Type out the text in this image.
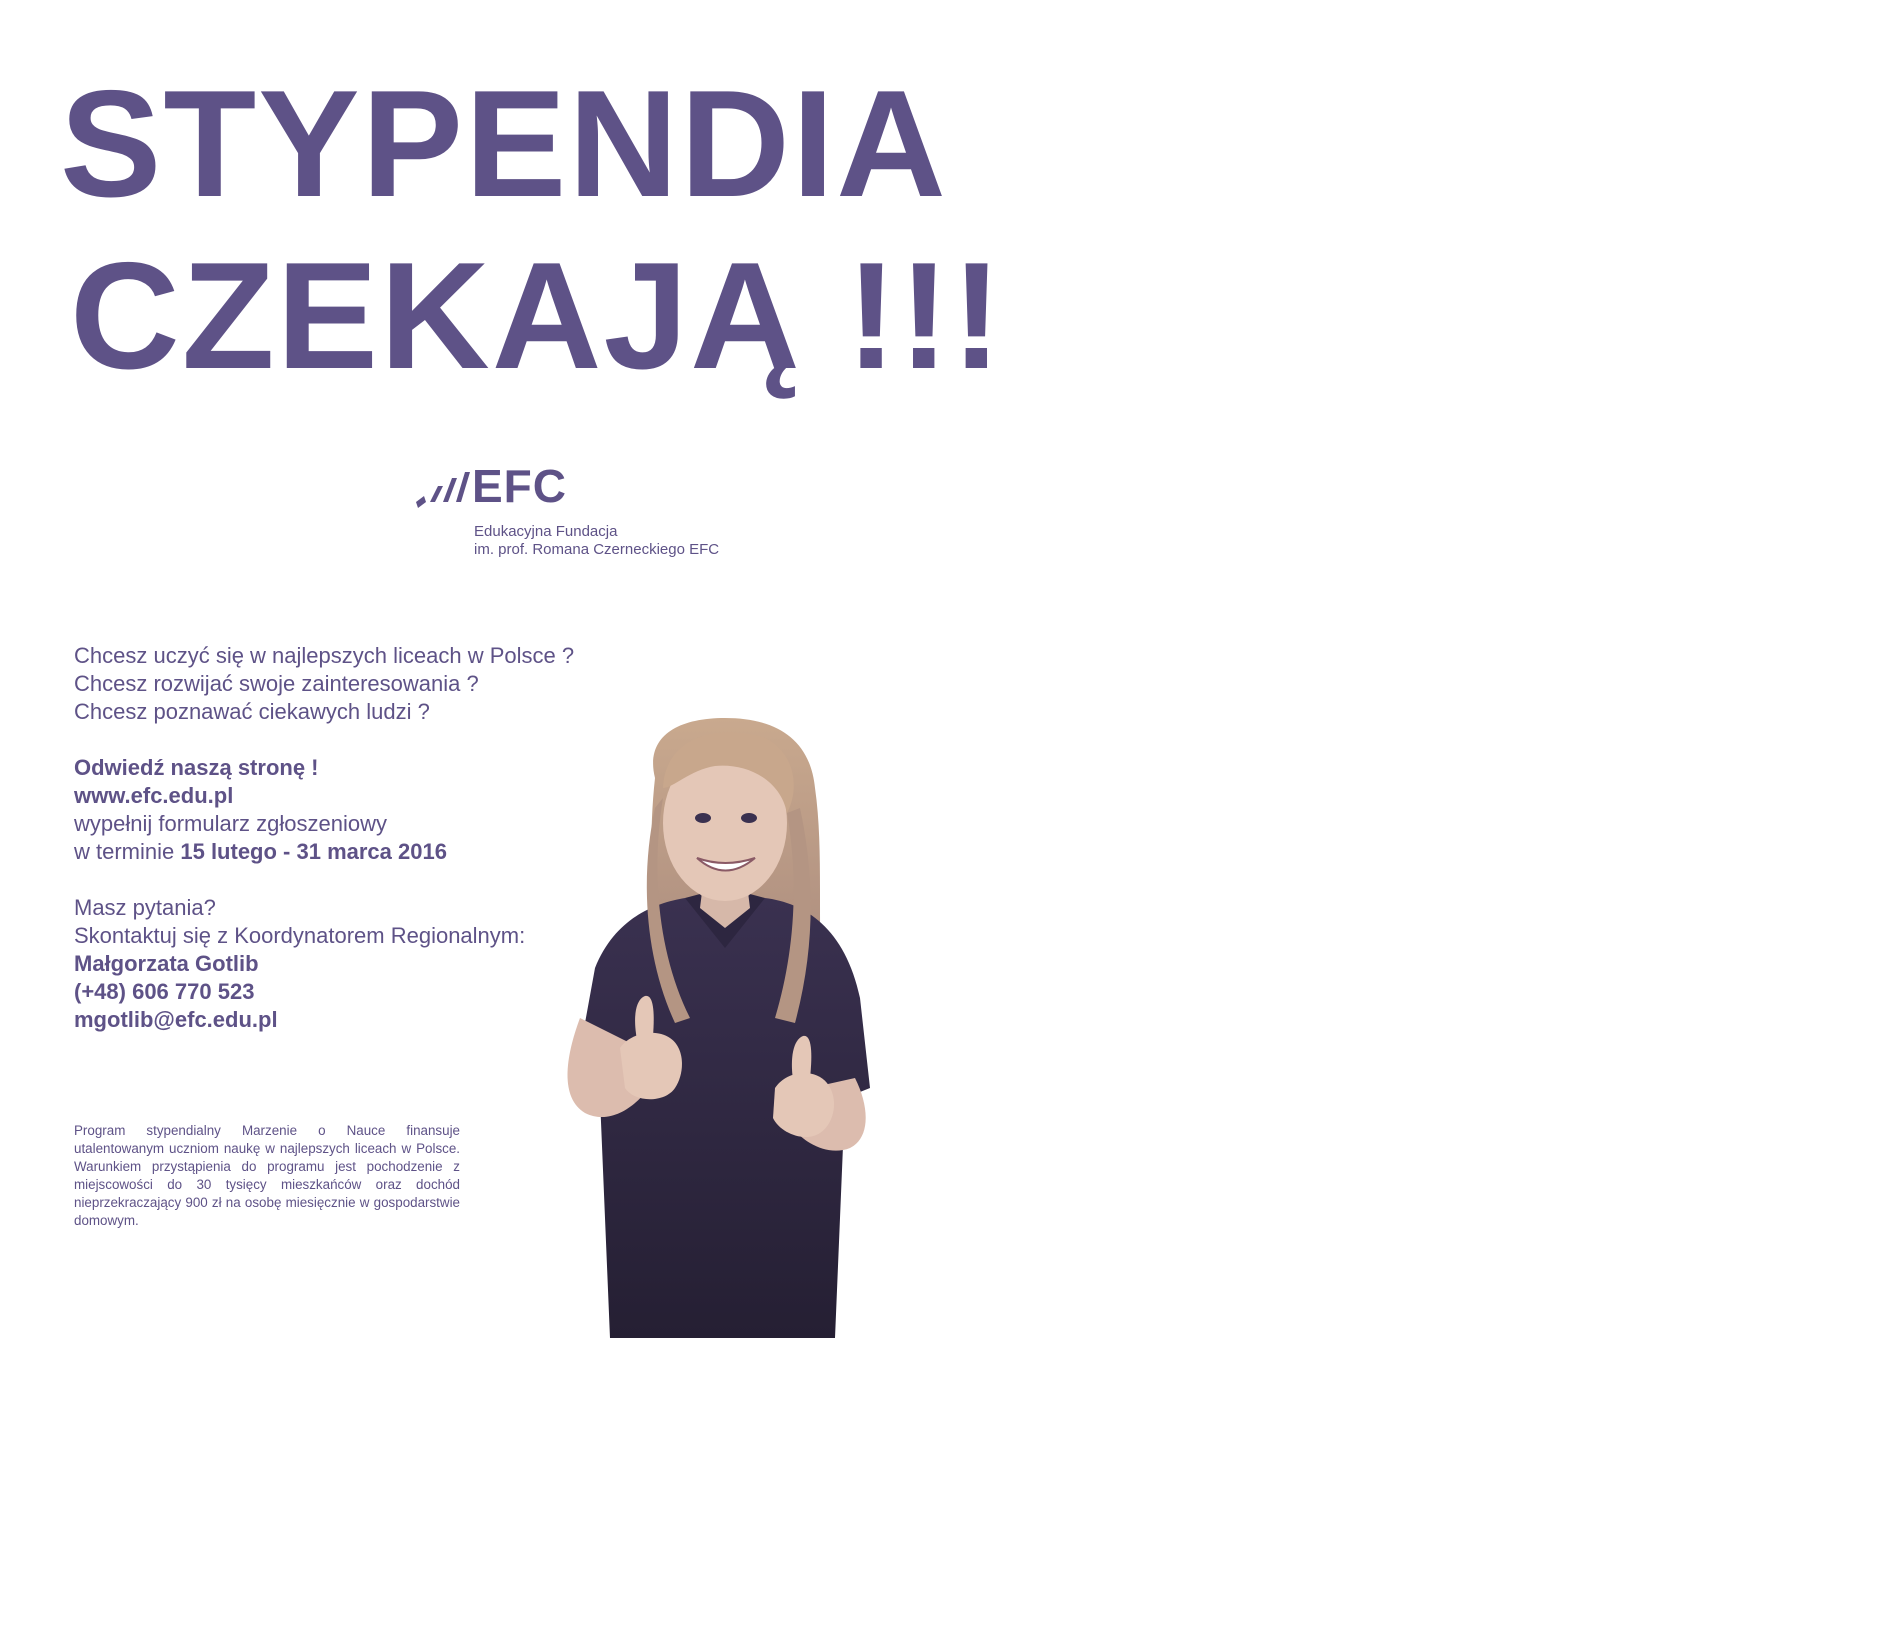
STYPENDIA
CZEKAJĄ !!!
EFC
Edukacyjna Fundacja
im. prof. Romana Czerneckiego EFC
Chcesz uczyć się w najlepszych liceach w Polsce ?
Chcesz rozwijać swoje zainteresowania ?
Chcesz poznawać ciekawych ludzi ?
Odwiedź naszą stronę !
www.efc.edu.pl
wypełnij formularz zgłoszeniowy
w terminie 15 lutego - 31 marca 2016
Masz pytania?
Skontaktuj się z Koordynatorem Regionalnym:
Małgorzata Gotlib
(+48) 606 770 523
mgotlib@efc.edu.pl
Program stypendialny Marzenie o Nauce finansuje utalentowanym uczniom naukę w najlepszych liceach w Polsce. Warunkiem przystąpienia do programu jest pochodzenie z miejscowości do 30 tysięcy mieszkańców oraz dochód nieprzekraczający 900 zł na osobę miesięcznie w gospodarstwie domowym.
